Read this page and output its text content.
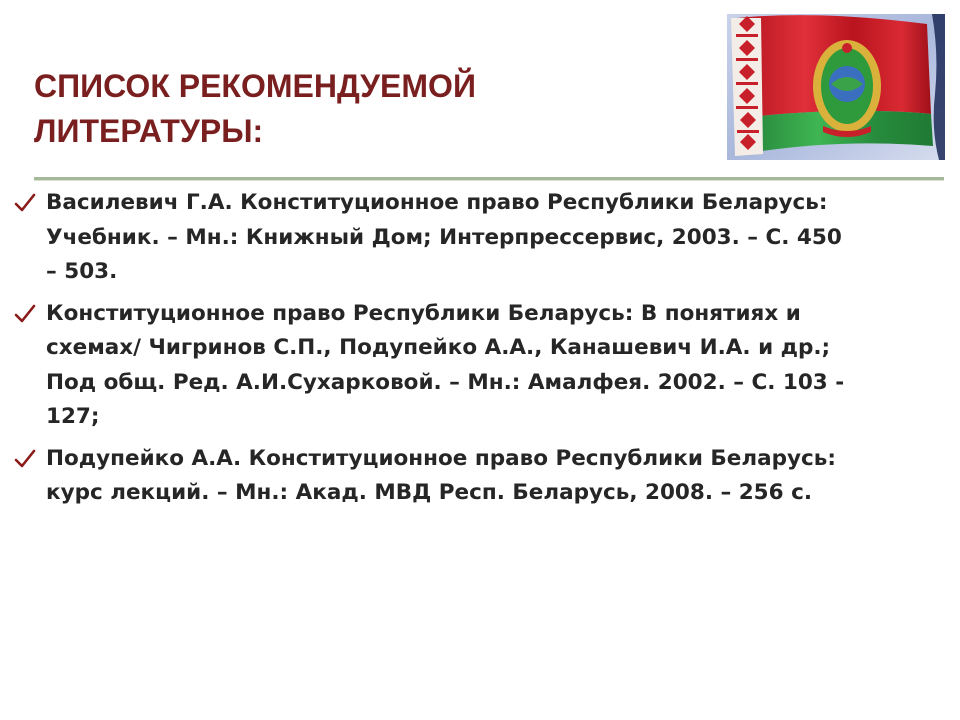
СПИСОК РЕКОМЕНДУЕМОЙ
ЛИТЕРАТУРЫ:
Василевич Г.А. Конституционное право Республики Беларусь:
Учебник. – Мн.: Книжный Дом; Интерпрессервис, 2003. – С. 450
– 503.
Конституционное право Республики Беларусь: В понятиях и
схемах/ Чигринов С.П., Подупейко А.А., Канашевич И.А. и др.;
Под общ. Ред. А.И.Сухарковой. – Мн.: Амалфея. 2002. – С. 103 -
127;
Подупейко А.А. Конституционное право Республики Беларусь:
курс лекций. – Мн.: Акад. МВД Респ. Беларусь, 2008. – 256 с.
